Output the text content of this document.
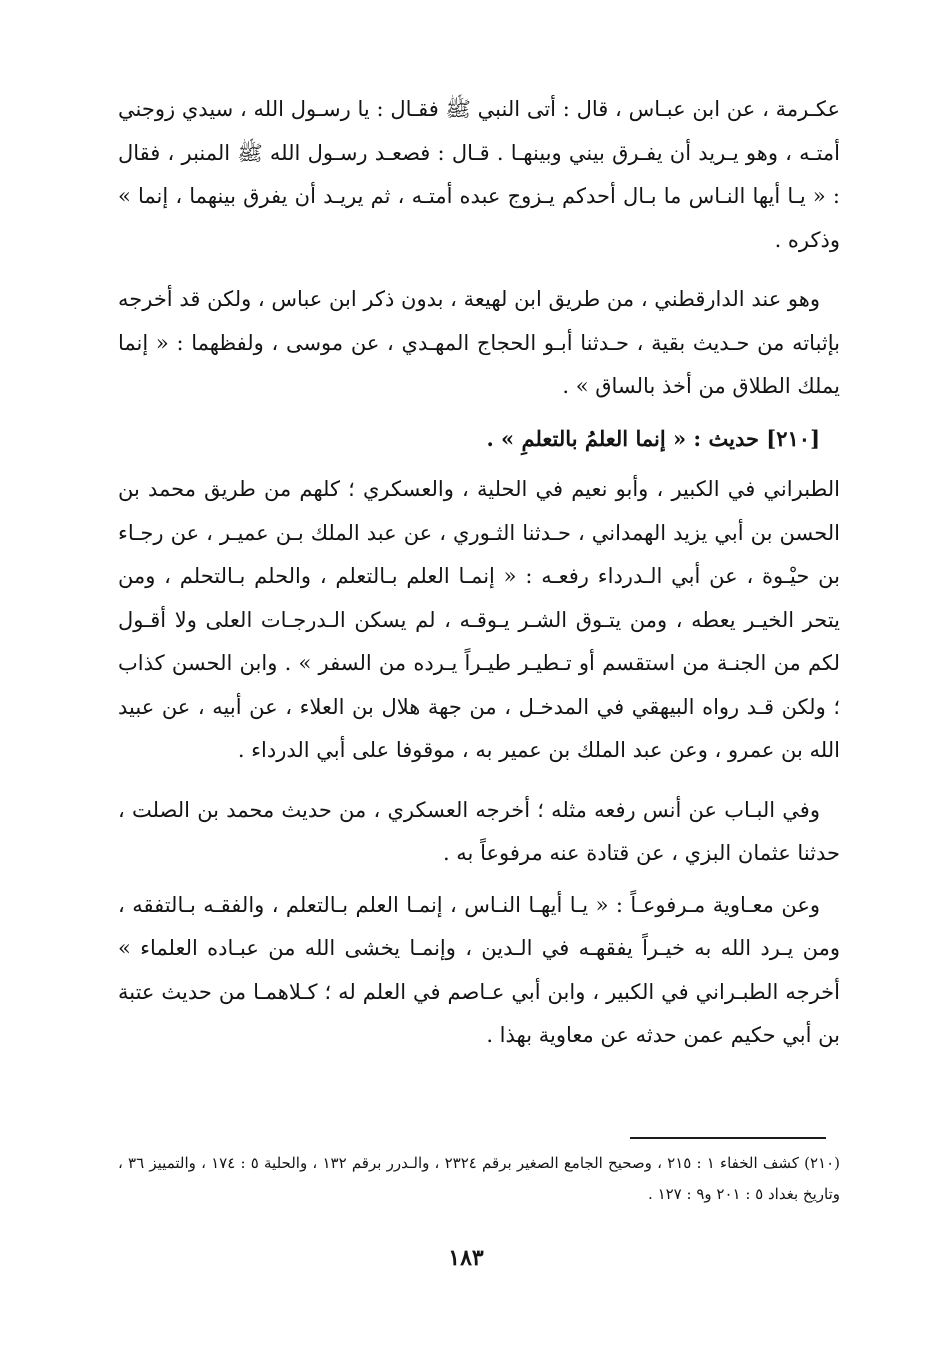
عكـرمة ، عن ابن عبـاس ، قال : أتى النبي ﷺ فقـال : يا رسـول الله ، سيدي زوجني أمتـه ، وهو يـريد أن يفـرق بيني وبينهـا . قـال : فصعـد رسـول الله ﷺ المنبر ، فقال : « يـا أيها النـاس ما بـال أحدكم يـزوج عبده أمتـه ، ثم يريـد أن يفرق بينهما ، إنما » وذكره .

وهو عند الدارقطني ، من طريق ابن لهيعة ، بدون ذكر ابن عباس ، ولكن قد أخرجه بإثباته من حـديث بقية ، حـدثنا أبـو الحجاج المهـدي ، عن موسى ، ولفظهما : « إنما يملك الطلاق من أخذ بالساق » .

[٢١٠] حديث : « إنما العلمُ بالتعلمِ » .

الطبراني في الكبير ، وأبو نعيم في الحلية ، والعسكري ؛ كلهم من طريق محمد بن الحسن بن أبي يزيد الهمداني ، حـدثنا الثـوري ، عن عبد الملك بـن عميـر ، عن رجـاء بن حيْـوة ، عن أبي الـدرداء رفعـه : « إنمـا العلم بـالتعلم ، والحلم بـالتحلم ، ومن يتحر الخيـر يعطه ، ومن يتـوق الشـر يـوقـه ، لم يسكن الـدرجـات العلى ولا أقـول لكم من الجنـة من استقسم أو تـطيـر طيـراً يـرده من السفر » . وابن الحسن كذاب ؛ ولكن قـد رواه البيهقي في المدخـل ، من جهة هلال بن العلاء ، عن أبيه ، عن عبيد الله بن عمرو ، وعن عبد الملك بن عمير به ، موقوفا على أبي الدرداء .

وفي البـاب عن أنس رفعه مثله ؛ أخرجه العسكري ، من حديث محمد بن الصلت ، حدثنا عثمان البزي ، عن قتادة عنه مرفوعاً به .

وعن معـاوية مـرفوعـاً : « يـا أيهـا النـاس ، إنمـا العلم بـالتعلم ، والفقـه بـالتفقه ، ومن يـرد الله به خيـراً يفقهـه في الـدين ، وإنمـا يخشى الله من عبـاده العلماء » أخرجه الطبـراني في الكبير ، وابن أبي عـاصم في العلم له ؛ كـلاهمـا من حديث عتبة بن أبي حكيم عمن حدثه عن معاوية بهذا .

(٢١٠) كشف الخفاء ١ : ٢١٥ ، وصحيح الجامع الصغير برقم ٢٣٢٤ ، والـدرر برقم ١٣٢ ، والحلية ٥ : ١٧٤ ، والتمييز ٣٦ ، وتاريخ بغداد ٥ : ٢٠١ و٩ : ١٢٧ .

١٨٣
